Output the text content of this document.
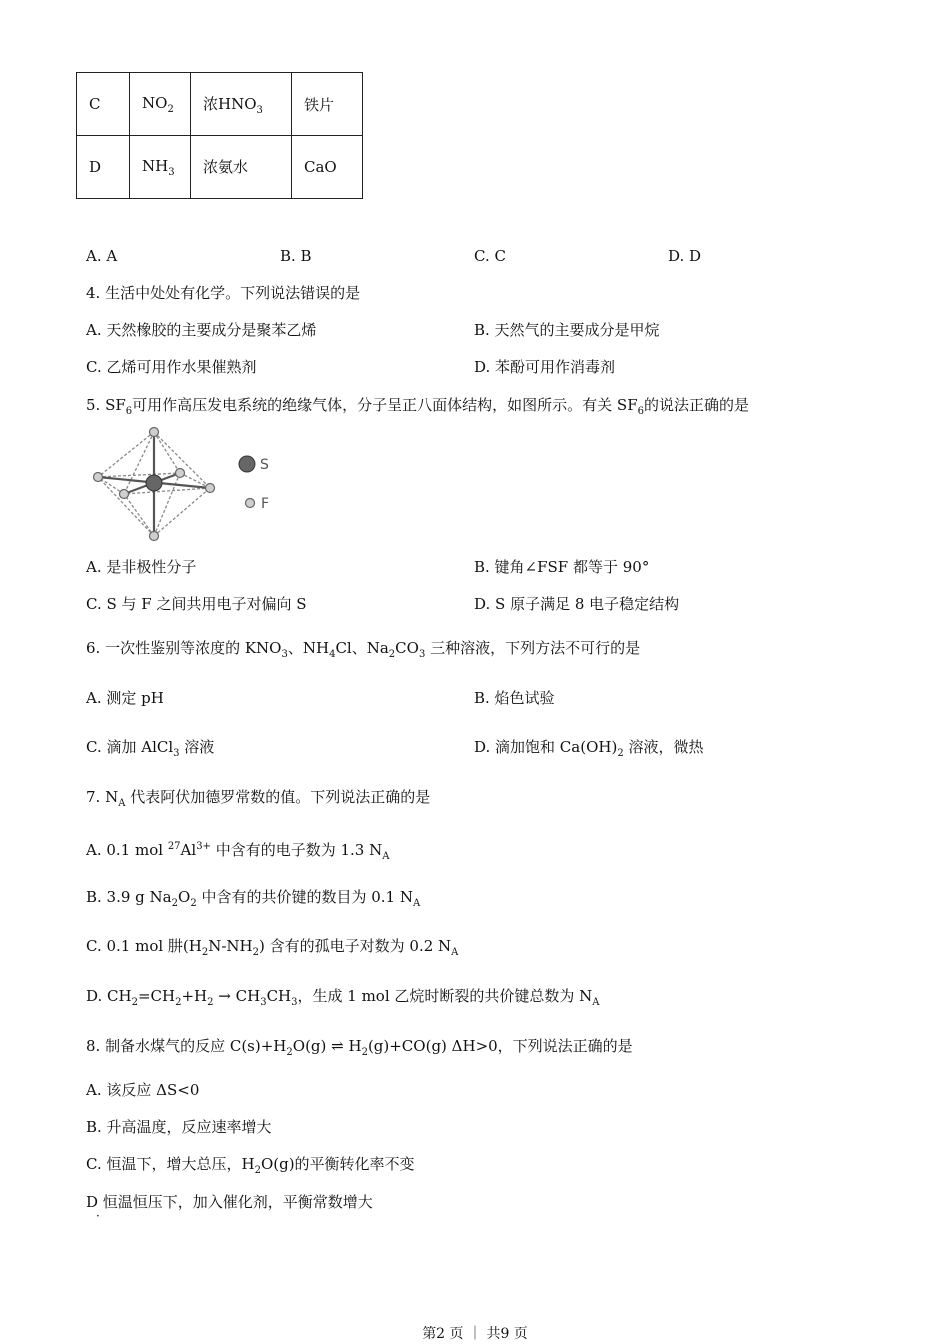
C	$NO_2$	浓$HNO_3$	铁片
D	$NH_3$	浓氨水	CaO
A. A	B. B	C. C	D. D
4. 生活中处处有化学。下列说法错误的是
A. 天然橡胶的主要成分是聚苯乙烯	B. 天然气的主要成分是甲烷
C. 乙烯可用作水果催熟剂	D. 苯酚可用作消毒剂
5. $SF_6$可用作高压发电系统的绝缘气体，分子呈正八面体结构，如图所示。有关 $SF_6$的说法正确的是
S
F
A. 是非极性分子	B. 键角∠FSF 都等于 90°
C. S 与 F 之间共用电子对偏向 S	D. S 原子满足 8 电子稳定结构
6. 一次性鉴别等浓度的 $KNO_3$、$NH_4Cl$、$Na_2CO_3$ 三种溶液，下列方法不可行的是
A. 测定 pH	B. 焰色试验
C. 滴加 AlCl$_3$ 溶液	D. 滴加饱和 $Ca(OH)_2$ 溶液，微热
7. $N_A$ 代表阿伏加德罗常数的值。下列说法正确的是
A. 0.1 mol $^{27}Al^{3+}$ 中含有的电子数为 1.3 $N_A$
B. 3.9 g $Na_2O_2$ 中含有的共价键的数目为 0.1 $N_A$
C. 0.1 mol 肼$(H_2N-NH_2)$ 含有的孤电子对数为 0.2 $N_A$
D. $CH_2=CH_2+H_2 \to CH_3CH_3$，生成 1 mol 乙烷时断裂的共价键总数为 $N_A$
8. 制备水煤气的反应 $C(s)+H_2O(g)$ ⇌ $H_2(g)+CO(g)$ ΔH>0，下列说法正确的是
A. 该反应 ΔS<0
B. 升高温度，反应速率增大
C. 恒温下，增大总压，$H_2O(g)$的平衡转化率不变
D 恒温恒压下，加入催化剂，平衡常数增大
·
第2 页 ｜ 共9 页
